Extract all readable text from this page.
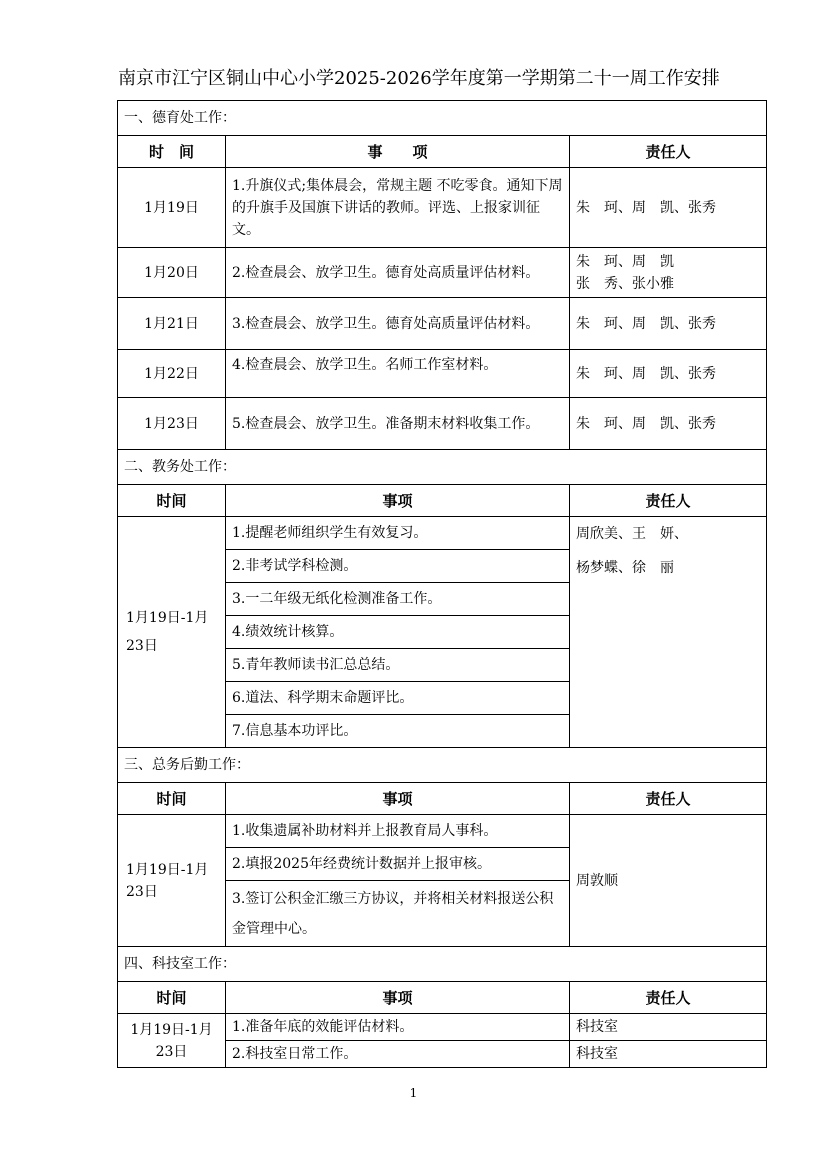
南京市江宁区铜山中心小学2025-2026学年度第一学期第二十一周工作安排
一、德育处工作：		
时　间	事　　项	责任人
1月19日	1.升旗仪式;集体晨会，常规主题 不吃零食。通知下周的升旗手及国旗下讲话的教师。评选、上报家训征文。	朱　珂、周　凯、张秀
1月20日	2.检查晨会、放学卫生。德育处高质量评估材料。	朱　珂、周　凯
张　秀、张小雅
1月21日	3.检查晨会、放学卫生。德育处高质量评估材料。	朱　珂、周　凯、张秀
1月22日	4.检查晨会、放学卫生。名师工作室材料。	朱　珂、周　凯、张秀
1月23日	5.检查晨会、放学卫生。准备期末材料收集工作。	朱　珂、周　凯、张秀
二、教务处工作：		
时间	事项	责任人
1月19日-1月23日	1.提醒老师组织学生有效复习。	周欣美、王　妍、
杨梦蝶、徐　丽
	2.非考试学科检测。	
	3.一二年级无纸化检测准备工作。	
	4.绩效统计核算。	
	5.青年教师读书汇总总结。	
	6.道法、科学期末命题评比。	
	7.信息基本功评比。	
三、总务后勤工作：		
时间	事项	责任人
1月19日-1月23日	1.收集遗属补助材料并上报教育局人事科。	周敦顺
	2.填报2025年经费统计数据并上报审核。	
	3.签订公积金汇缴三方协议，并将相关材料报送公积金管理中心。	
四、科技室工作：		
时间	事项	责任人
1月19日-1月23日	1.准备年底的效能评估材料。	科技室
	2.科技室日常工作。	科技室
1
